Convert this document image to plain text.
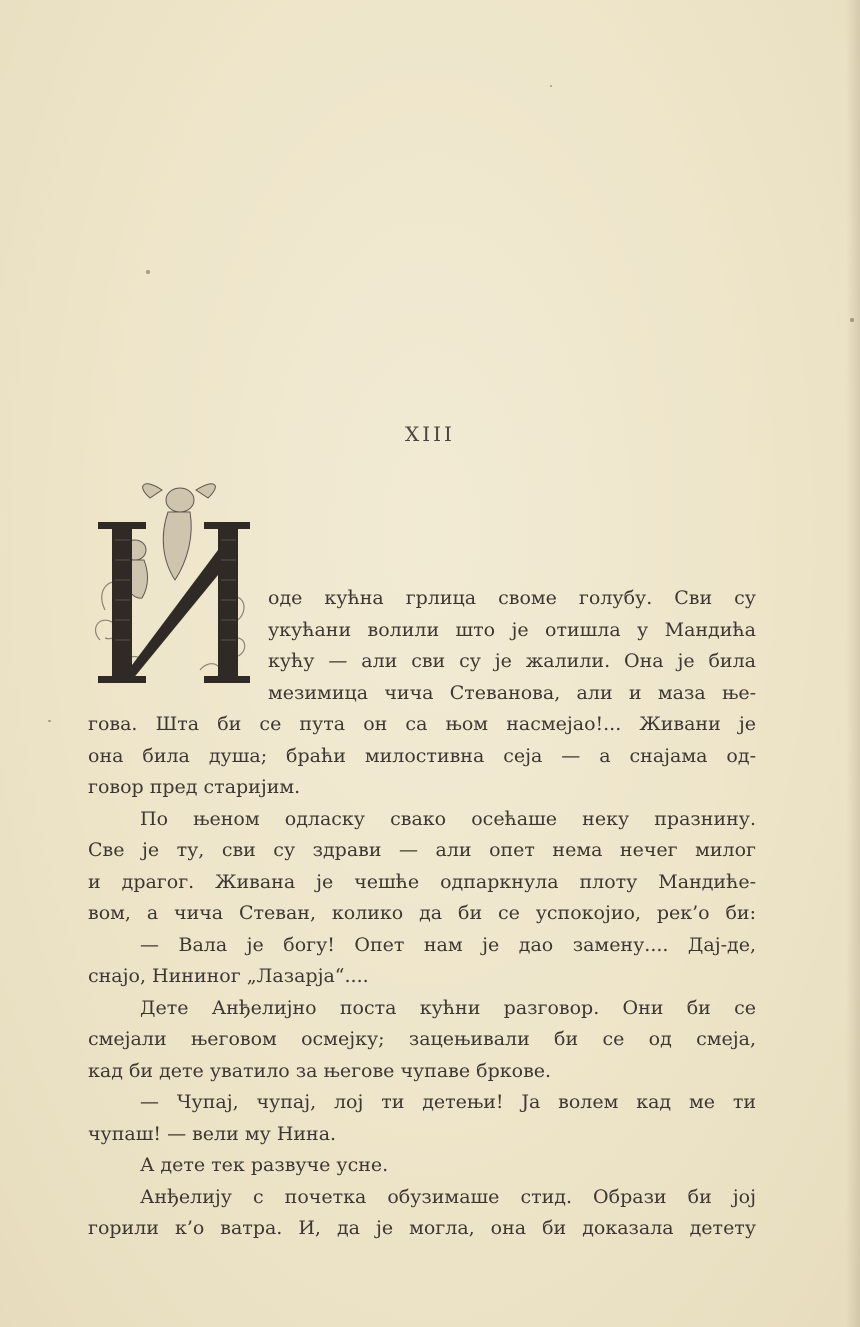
XIII
оде кућна грлица своме голубу. Сви су
укућани волили што је отишла у Мандића
кућу — али сви су је жалили. Она је била
мезимица чича Стеванова, али и маза ње-
гова. Шта би се пута он са њом насмејао!... Живани је
она била душа; браћи милостивна сеја — а снајама од-
говор пред старијим.
По њеном одласку свако осећаше неку празнину.
Све је ту, сви су здрави — али опет нема нечег милог
и драгог. Живана је чешће одпаркнула плоту Мандиће-
вом, а чича Стеван, колико да би се успокојио, рек’о би:
— Вала је богу! Опет нам је дао замену.... Дај-де,
снајо, Нининог „Лазарја“....
Дете Анђелијно поста кућни разговор. Они би се
смејали његовом осмејку; зацењивали би се од смеја,
кад би дете уватило за његове чупаве бркове.
— Чупај, чупај, лој ти детењи! Ја волем кад ме ти
чупаш! — вели му Нина.
А дете тек развуче усне.
Анђелију с почетка обузимаше стид. Образи би јој
горили к’о ватра. И, да је могла, она би доказала детету
